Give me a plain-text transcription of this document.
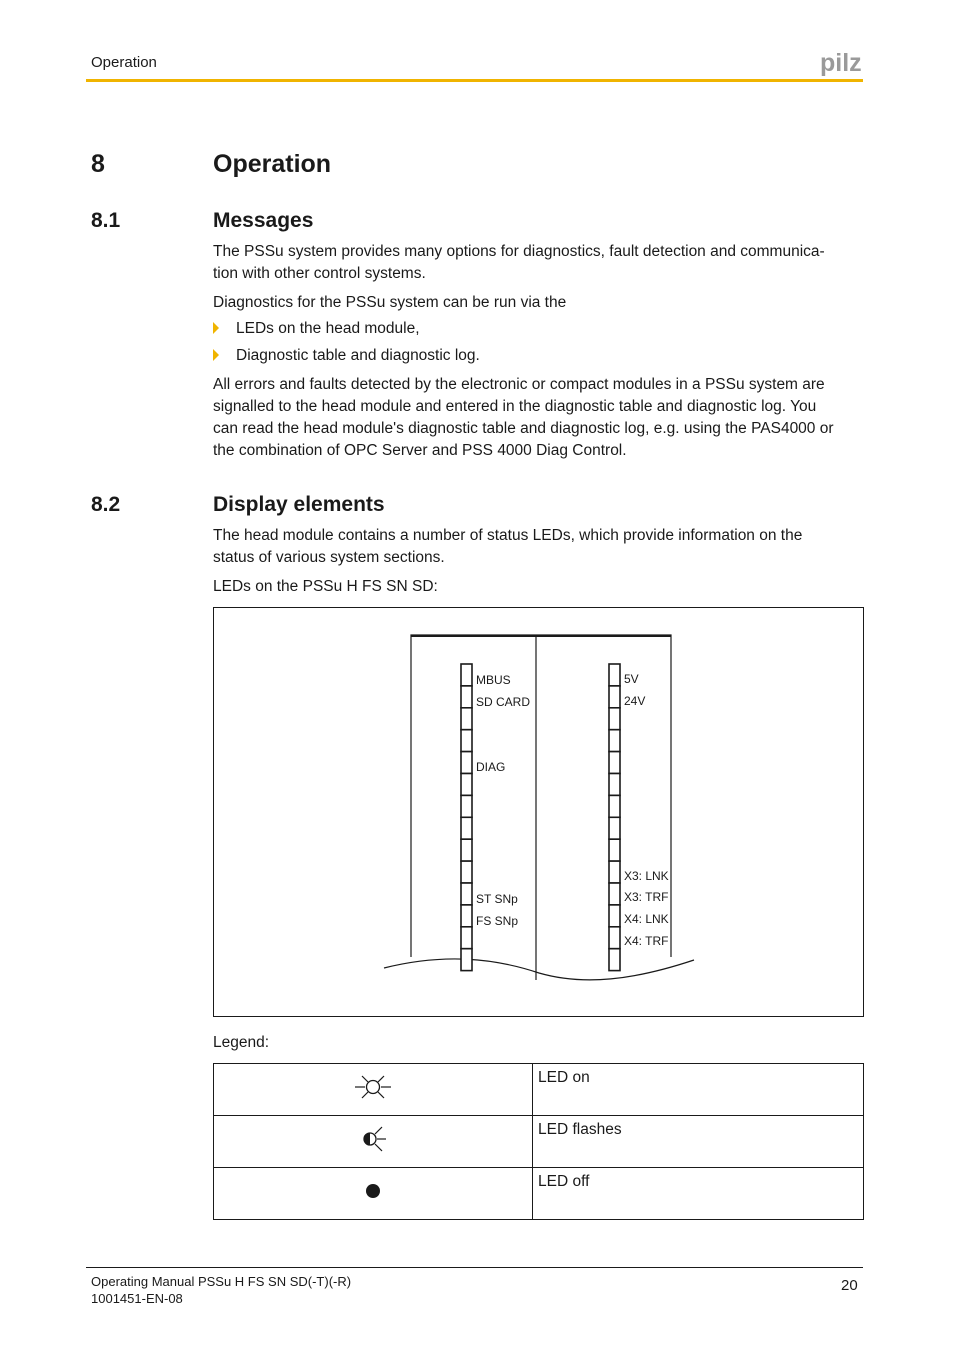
Operation	pilz
8	Operation
8.1	Messages
The PSSu system provides many options for diagnostics, fault detection and communica-
tion with other control systems.
Diagnostics for the PSSu system can be run via the
LEDs on the head module,
Diagnostic table and diagnostic log.
All errors and faults detected by the electronic or compact modules in a PSSu system are
signalled to the head module and entered in the diagnostic table and diagnostic log. You
can read the head module's diagnostic table and diagnostic log, e.g. using the PAS4000 or
the combination of OPC Server and PSS 4000 Diag Control.
8.2	Display elements
The head module contains a number of status LEDs, which provide information on the
status of various system sections.
LEDs on the PSSu H FS SN SD:
MBUS
SD CARD
DIAG
ST SNp
FS SNp
5V
24V
X3: LNK
X3: TRF
X4: LNK
X4: TRF
Legend:
	LED on
	LED flashes
	LED off
Operating Manual PSSu H FS SN SD(-T)(-R)
1001451-EN-08
20
